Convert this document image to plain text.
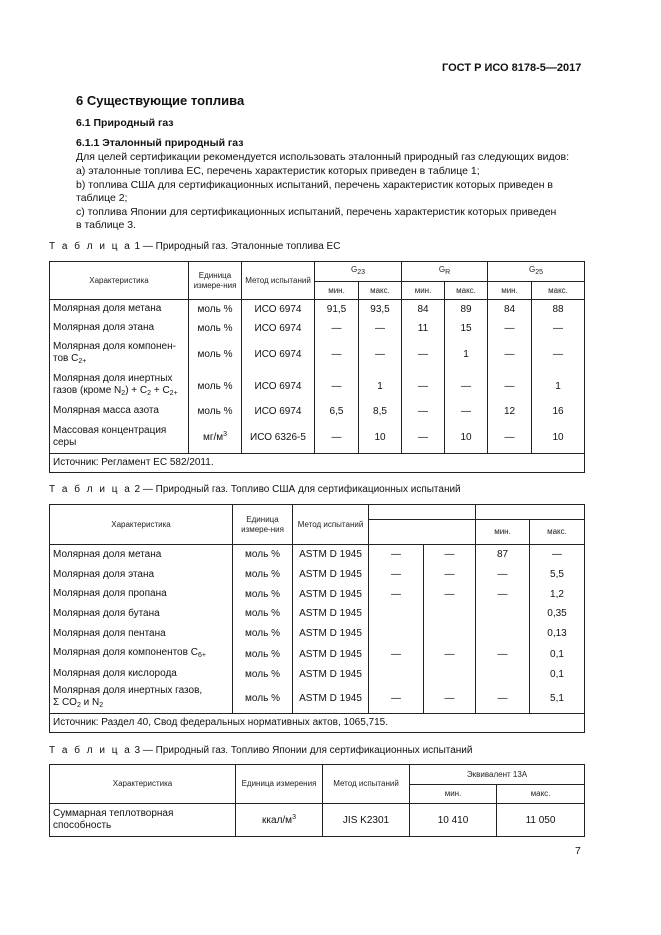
ГОСТ Р ИСО 8178-5—2017
6 Существующие топлива
6.1 Природный газ
6.1.1 Эталонный природный газ
Для целей сертификации рекомендуется использовать эталонный природный газ следующих видов:
а) эталонные топлива ЕС, перечень характеристик которых приведен в таблице 1;
b) топлива США для сертификационных испытаний, перечень характеристик которых приведен в
таблице 2;
c) топлива Японии для сертификационных испытаний, перечень характеристик которых приведен
в таблице 3.
Т а б л и ц а 1 — Природный газ. Эталонные топлива ЕС
Характеристика	Единица измере-ния	Метод испытаний	G23		GR		G25	
			мин.	макс.	мин.	макс.	мин.	макс.
Молярная доля метана	моль %	ИСО 6974	91,5	93,5	84	89	84	88
Молярная доля этана	моль %	ИСО 6974	—	—	11	15	—	—
Молярная доля компонен-
тов $C_{2+}$	моль %	ИСО 6974	—	—	—	1	—	—
Молярная доля инертных
газов (кроме $N_2) + C_2 + C_{2+}$	моль %	ИСО 6974	—	1	—	—	—	1
Молярная масса азота	моль %	ИСО 6974	6,5	8,5	—	—	12	16
Массовая концентрация
серы	$мг/м^3$	ИСО 6326-5	—	10	—	10	—	10
Источник: Регламент ЕС 582/2011.								
Т а б л и ц а 2 — Природный газ. Топливо США для сертификационных испытаний
Характеристика	Единица измере-ния	Метод испытаний				
					мин.	макс.
Молярная доля метана	моль %	ASTM D 1945	—	—	87	—
Молярная доля этана	моль %	ASTM D 1945	—	—	—	5,5
Молярная доля пропана	моль %	ASTM D 1945	—	—	—	1,2
Молярная доля бутана	моль %	ASTM D 1945				0,35
Молярная доля пентана	моль %	ASTM D 1945				0,13
Молярная доля компонентов $C_{6+}$	моль %	ASTM D 1945	—	—	—	0,1
Молярная доля кислорода	моль %	ASTM D 1945				0,1
Молярная доля инертных газов,
Σ $CO_2$ и $N_2$	моль %	ASTM D 1945	—	—	—	5,1
Источник: Раздел 40, Свод федеральных нормативных актов, 1065,715.						
Т а б л и ц а 3 — Природный газ. Топливо Японии для сертификационных испытаний
Характеристика	Единица измерения	Метод испытаний	Эквивалент 13А	
			мин.	макс.
Суммарная теплотворная
способность	ккал/$м^3$	JIS K2301	10 410	11 050
7
